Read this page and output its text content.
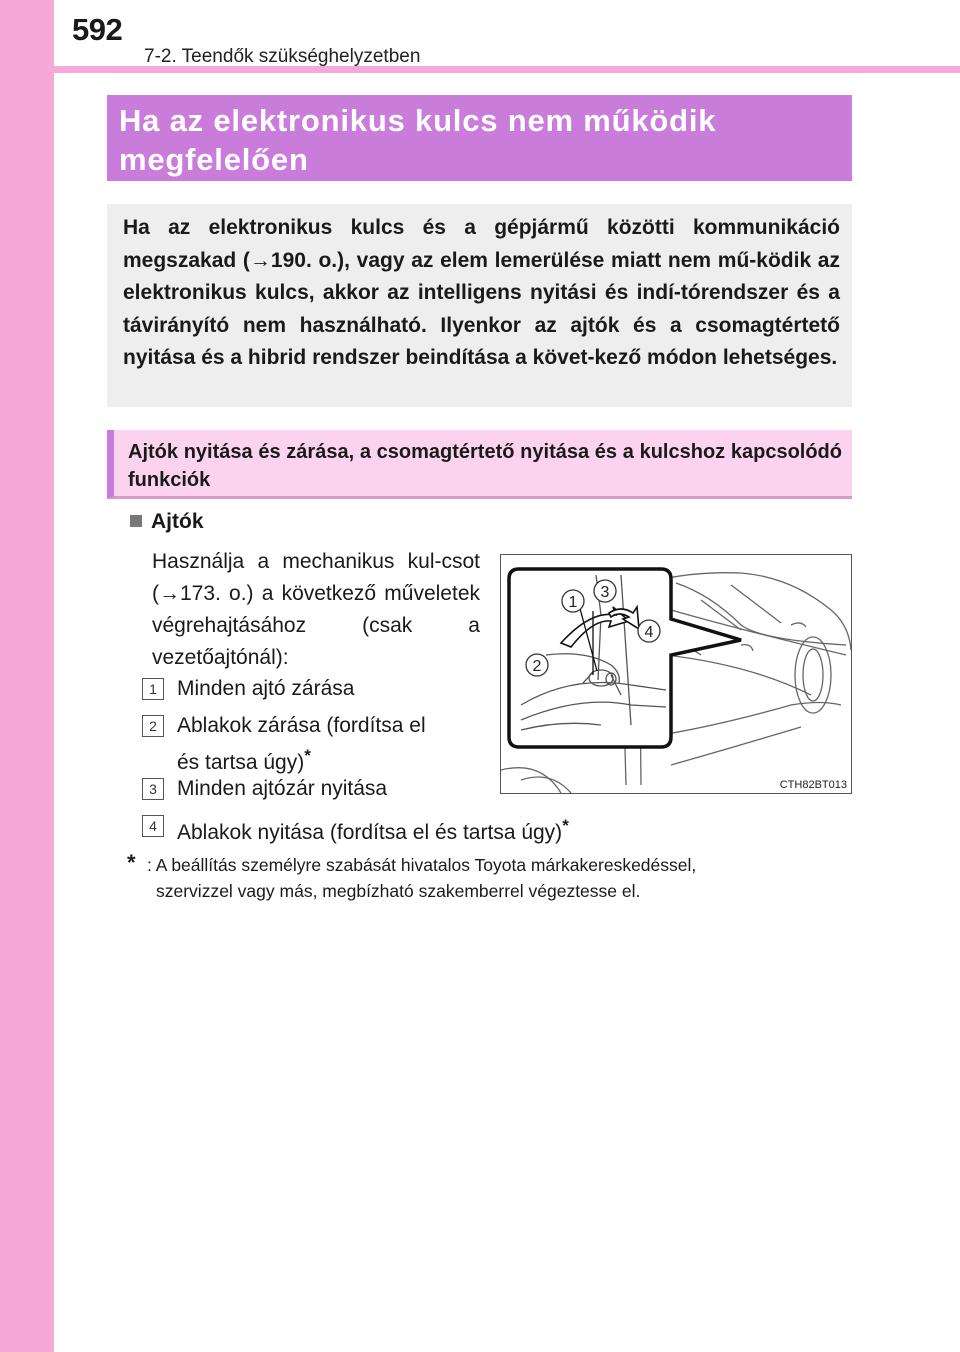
592
7-2. Teendők szükséghelyzetben
Ha az elektronikus kulcs nem működik
megfelelően
Ha az elektronikus kulcs és a gépjármű közötti kommunikáció megszakad (→190. o.), vagy az elem lemerülése miatt nem mű-ködik az elektronikus kulcs, akkor az intelligens nyitási és indí-tórendszer és a távirányító nem használható. Ilyenkor az ajtók és a csomagtértető nyitása és a hibrid rendszer beindítása a követ-kező módon lehetséges.
Ajtók nyitása és zárása, a csomagtértető nyitása és a kulcshoz kapcsolódó funkciók
Ajtók
Használja a mechanikus kul-csot (→173. o.) a következő műveletek végrehajtásához (csak a vezetőajtónál):
1 Minden ajtó zárása
2 Ablakok zárása (fordítsa el
és tartsa úgy)*
3 Minden ajtózár nyitása
4 Ablakok nyitása (fordítsa el és tartsa úgy)*
1
3
2
4
CTH82BT013
* : A beállítás személyre szabását hivatalos Toyota márkakereskedéssel,
szervizzel vagy más, megbízható szakemberrel végeztesse el.
